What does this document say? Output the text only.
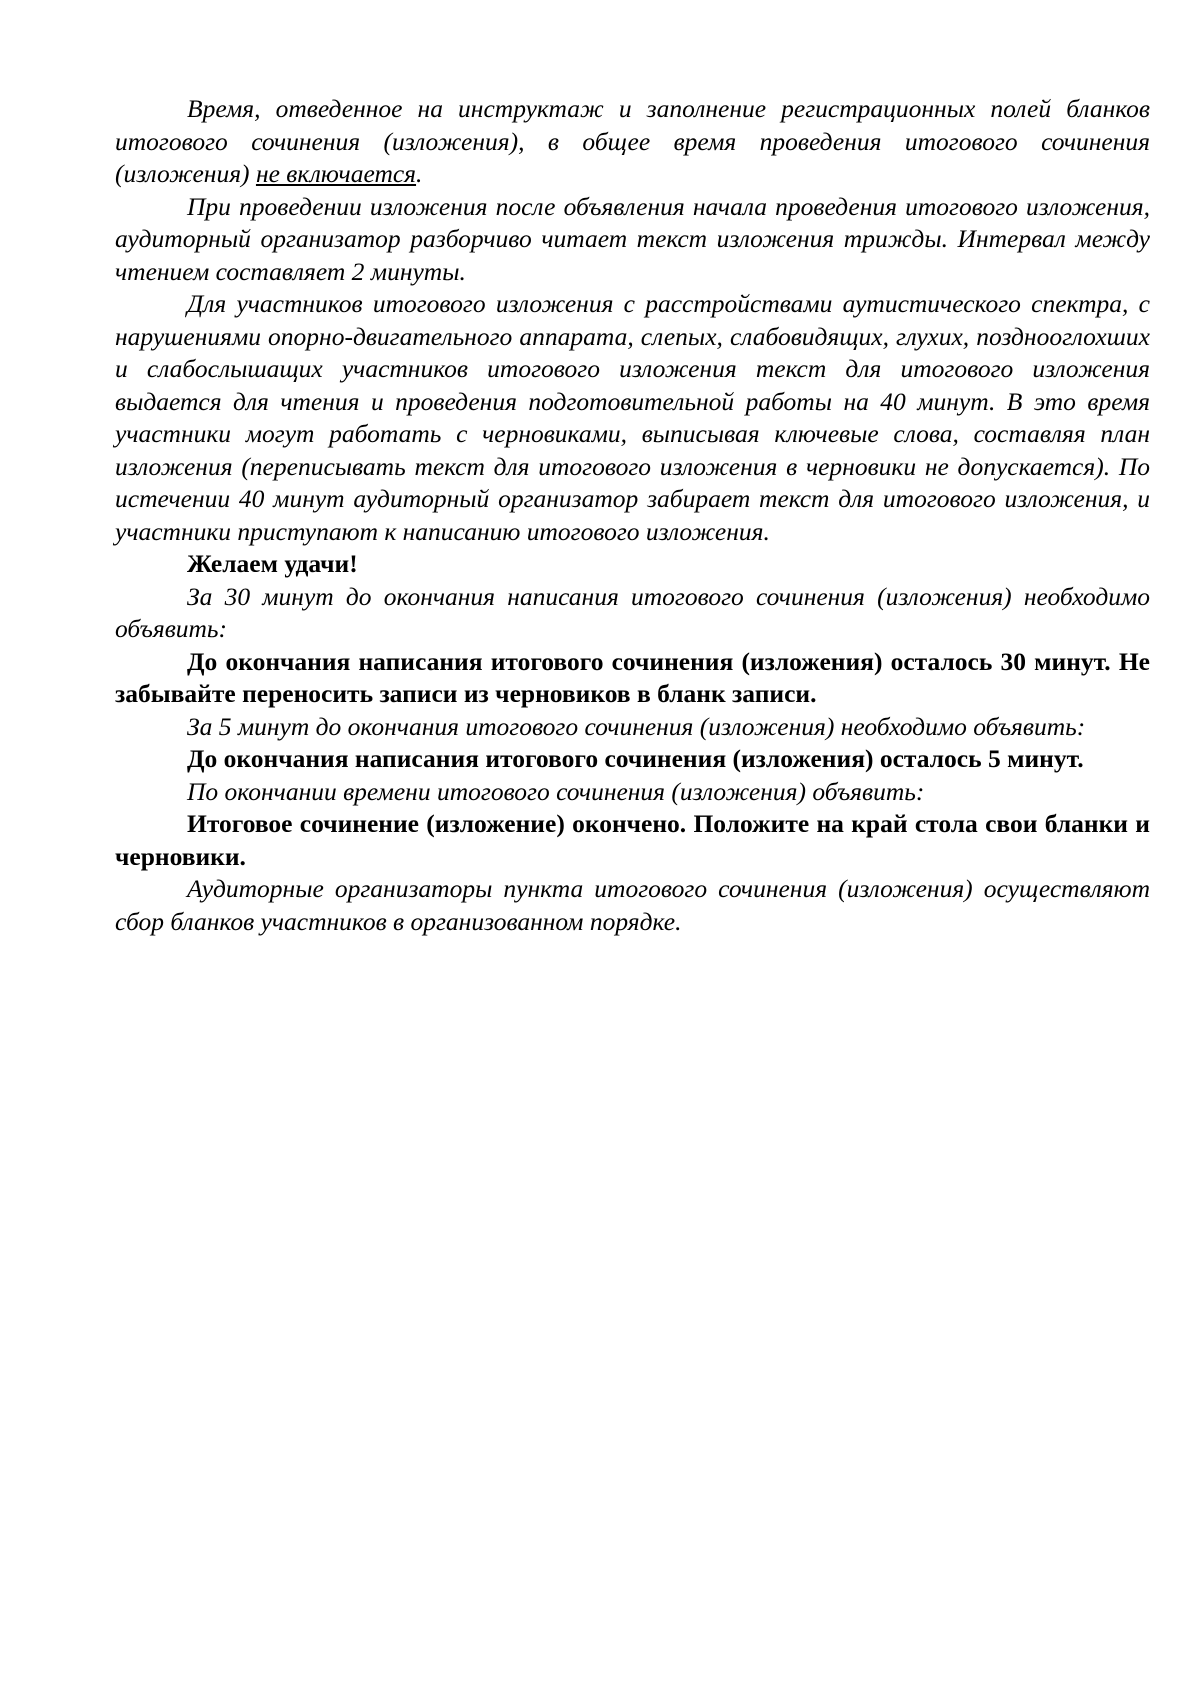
Время, отведенное на инструктаж и заполнение регистрационных полей бланков итогового сочинения (изложения), в общее время проведения итогового сочинения (изложения) не включается.

При проведении изложения после объявления начала проведения итогового изложения, аудиторный организатор разборчиво читает текст изложения трижды. Интервал между чтением составляет 2 минуты.

Для участников итогового изложения с расстройствами аутистического спектра, с нарушениями опорно-двигательного аппарата, слепых, слабовидящих, глухих, позднооглохших и слабослышащих участников итогового изложения текст для итогового изложения выдается для чтения и проведения подготовительной работы на 40 минут. В это время участники могут работать с черновиками, выписывая ключевые слова, составляя план изложения (переписывать текст для итогового изложения в черновики не допускается). По истечении 40 минут аудиторный организатор забирает текст для итогового изложения, и участники приступают к написанию итогового изложения.

Желаем удачи!

За 30 минут до окончания написания итогового сочинения (изложения) необходимо объявить:

До окончания написания итогового сочинения (изложения) осталось 30 минут. Не забывайте переносить записи из черновиков в бланк записи.

За 5 минут до окончания итогового сочинения (изложения) необходимо объявить:

До окончания написания итогового сочинения (изложения) осталось 5 минут.

По окончании времени итогового сочинения (изложения) объявить:

Итоговое сочинение (изложение) окончено. Положите на край стола свои бланки и черновики.

Аудиторные организаторы пункта итогового сочинения (изложения) осуществляют сбор бланков участников в организованном порядке.
